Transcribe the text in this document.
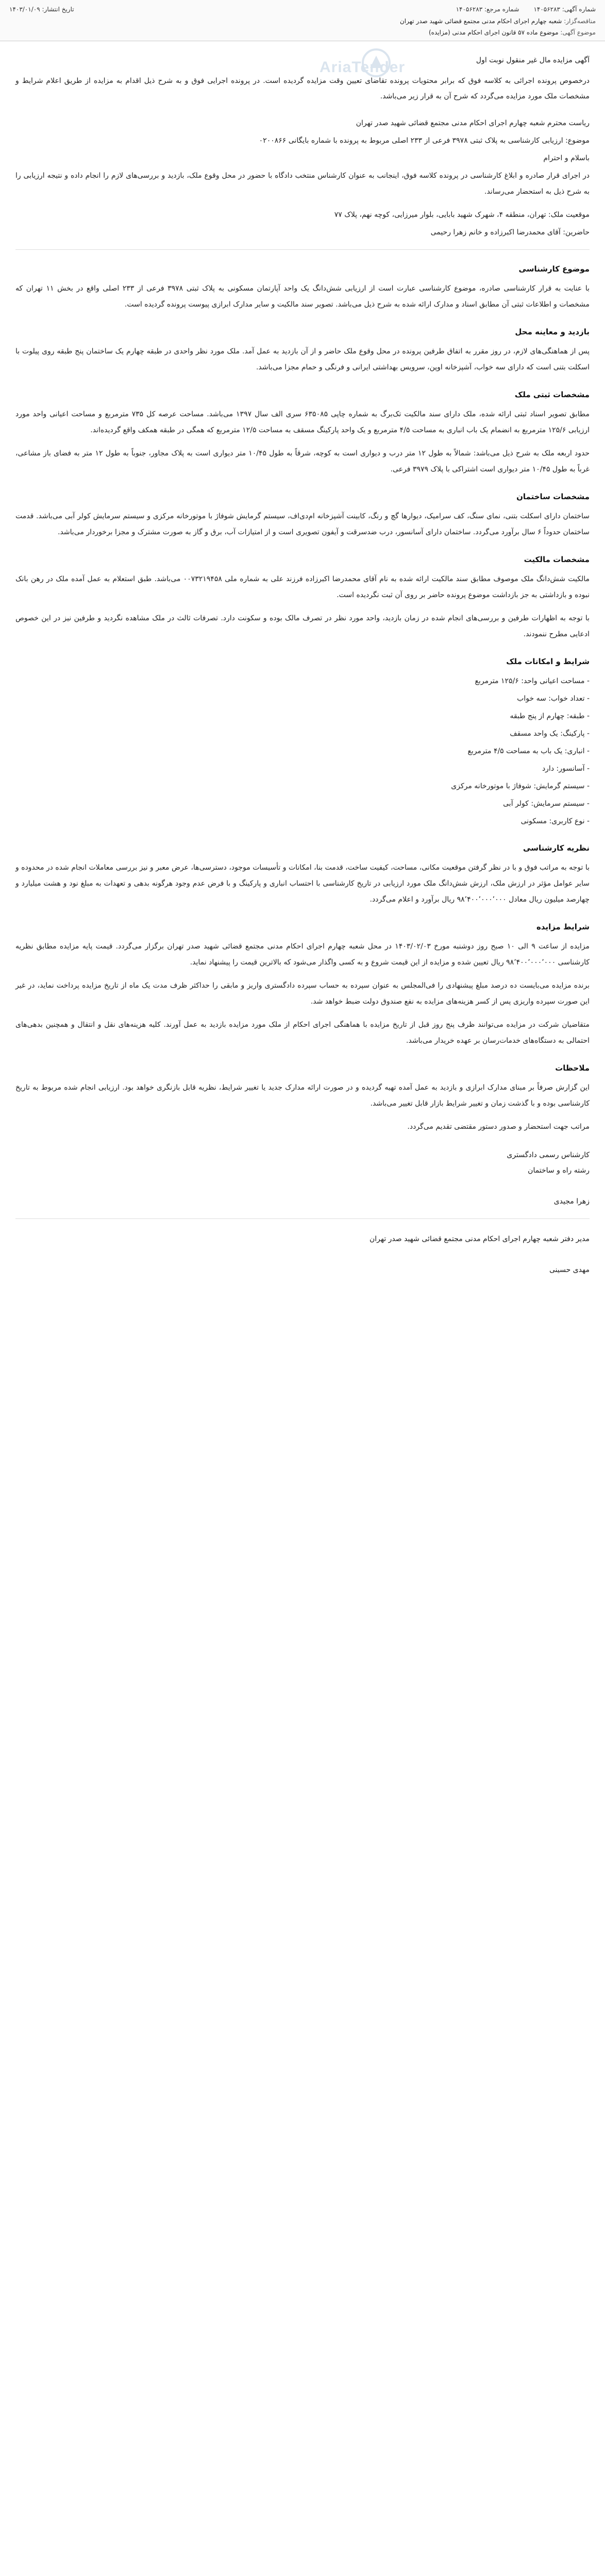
شماره آگهی: ۱۴۰۵۶۲۸۳
شماره مرجع: ۱۴۰۵۶۲۸۳
تاریخ انتشار: ۱۴۰۳/۰۱/۰۹
مناقصه‌گزار: شعبه چهارم اجرای احکام مدنی مجتمع قضائی شهید صدر تهران
موضوع آگهی: موضوع ماده ۵۷ قانون اجرای احکام مدنی (مزایده)
AriaTender	آگهی مزایده مال غیر منقول نوبت اول
درخصوص پرونده اجرائی به کلاسه فوق که برابر محتویات پرونده تقاضای تعیین وقت مزایده گردیده است. در پرونده اجرایی فوق و به شرح ذیل اقدام به مزایده از طریق اعلام شرایط و مشخصات ملک مورد مزایده می‌گردد که شرح آن به قرار زیر می‌باشد.
ریاست محترم شعبه چهارم اجرای احکام مدنی مجتمع قضائی شهید صدر تهران
موضوع: ارزیابی کارشناسی به پلاک ثبتی ۳۹۷۸ فرعی از ۲۳۳ اصلی مربوط به پرونده با شماره بایگانی ۰۲۰۰۸۶۶
باسلام و احترام
در اجرای قرار صادره و ابلاغ کارشناسی در پرونده کلاسه فوق، اینجانب به عنوان کارشناس منتخب دادگاه با حضور در محل وقوع ملک، بازدید و بررسی‌های لازم را انجام داده و نتیجه ارزیابی را به شرح ذیل به استحضار می‌رساند.
موقعیت ملک: تهران، منطقه ۴، شهرک شهید بابایی، بلوار میرزایی، کوچه نهم، پلاک ۷۷
حاضرین: آقای محمدرضا اکبرزاده و خانم زهرا رحیمی
موضوع کارشناسی
با عنایت به قرار کارشناسی صادره، موضوع کارشناسی عبارت است از ارزیابی شش‌دانگ یک واحد آپارتمان مسکونی به پلاک ثبتی ۳۹۷۸ فرعی از ۲۳۳ اصلی واقع در بخش ۱۱ تهران که مشخصات و اطلاعات ثبتی آن مطابق اسناد و مدارک ارائه شده به شرح ذیل می‌باشد. تصویر سند مالکیت و سایر مدارک ابرازی پیوست پرونده گردیده است.
بازدید و معاینه محل
پس از هماهنگی‌های لازم، در روز مقرر به اتفاق طرفین پرونده در محل وقوع ملک حاضر و از آن بازدید به عمل آمد. ملک مورد نظر واحدی در طبقه چهارم یک ساختمان پنج طبقه روی پیلوت با اسکلت بتنی است که دارای سه خواب، آشپزخانه اوپن، سرویس بهداشتی ایرانی و فرنگی و حمام مجزا می‌باشد.
مشخصات ثبتی ملک
مطابق تصویر اسناد ثبتی ارائه شده، ملک دارای سند مالکیت تک‌برگ به شماره چاپی ۶۳۵۰۸۵ سری الف سال ۱۳۹۷ می‌باشد. مساحت عرصه کل ۷۳۵ مترمربع و مساحت اعیانی واحد مورد ارزیابی ۱۲۵/۶ مترمربع به انضمام یک باب انباری به مساحت ۴/۵ مترمربع و یک واحد پارکینگ مسقف به مساحت ۱۲/۵ مترمربع که همگی در طبقه همکف واقع گردیده‌اند.
حدود اربعه ملک به شرح ذیل می‌باشد: شمالاً به طول ۱۲ متر درب و دیواری است به کوچه، شرقاً به طول ۱۰/۴۵ متر دیواری است به پلاک مجاور، جنوباً به طول ۱۲ متر به فضای باز مشاعی، غرباً به طول ۱۰/۴۵ متر دیواری است اشتراکی با پلاک ۳۹۷۹ فرعی.
مشخصات ساختمان
ساختمان دارای اسکلت بتنی، نمای سنگ، کف سرامیک، دیوارها گچ و رنگ، کابینت آشپزخانه ام‌دی‌اف، سیستم گرمایش شوفاژ با موتورخانه مرکزی و سیستم سرمایش کولر آبی می‌باشد. قدمت ساختمان حدوداً ۶ سال برآورد می‌گردد. ساختمان دارای آسانسور، درب ضدسرقت و آیفون تصویری است و از امتیازات آب، برق و گاز به صورت مشترک و مجزا برخوردار می‌باشد.
مشخصات مالکیت
مالکیت شش‌دانگ ملک موصوف مطابق سند مالکیت ارائه شده به نام آقای محمدرضا اکبرزاده فرزند علی به شماره ملی ۰۰۷۳۲۱۹۴۵۸ می‌باشد. طبق استعلام به عمل آمده ملک در رهن بانک نبوده و بازداشتی به جز بازداشت موضوع پرونده حاضر بر روی آن ثبت نگردیده است.
با توجه به اظهارات طرفین و بررسی‌های انجام شده در زمان بازدید، واحد مورد نظر در تصرف مالک بوده و سکونت دارد. تصرفات ثالث در ملک مشاهده نگردید و طرفین نیز در این خصوص ادعایی مطرح ننمودند.
شرایط و امکانات ملک
- مساحت اعیانی واحد: ۱۲۵/۶ مترمربع
- تعداد خواب: سه خواب
- طبقه: چهارم از پنج طبقه
- پارکینگ: یک واحد مسقف
- انباری: یک باب به مساحت ۴/۵ مترمربع
- آسانسور: دارد
- سیستم گرمایش: شوفاژ با موتورخانه مرکزی
- سیستم سرمایش: کولر آبی
- نوع کاربری: مسکونی
نظریه کارشناسی
با توجه به مراتب فوق و با در نظر گرفتن موقعیت مکانی، مساحت، کیفیت ساخت، قدمت بنا، امکانات و تأسیسات موجود، دسترسی‌ها، عرض معبر و نیز بررسی معاملات انجام شده در محدوده و سایر عوامل مؤثر در ارزش ملک، ارزش شش‌دانگ ملک مورد ارزیابی در تاریخ کارشناسی با احتساب انباری و پارکینگ و با فرض عدم وجود هرگونه بدهی و تعهدات به مبلغ نود و هشت میلیارد و چهارصد میلیون ریال معادل ۹۸٬۴۰۰٬۰۰۰٬۰۰۰ ریال برآورد و اعلام می‌گردد.
شرایط مزایده
مزایده از ساعت ۹ الی ۱۰ صبح روز دوشنبه مورخ ۱۴۰۳/۰۲/۰۳ در محل شعبه چهارم اجرای احکام مدنی مجتمع قضائی شهید صدر تهران برگزار می‌گردد. قیمت پایه مزایده مطابق نظریه کارشناسی ۹۸٬۴۰۰٬۰۰۰٬۰۰۰ ریال تعیین شده و مزایده از این قیمت شروع و به کسی واگذار می‌شود که بالاترین قیمت را پیشنهاد نماید.
برنده مزایده می‌بایست ده درصد مبلغ پیشنهادی را فی‌المجلس به عنوان سپرده به حساب سپرده دادگستری واریز و مابقی را حداکثر ظرف مدت یک ماه از تاریخ مزایده پرداخت نماید، در غیر این صورت سپرده واریزی پس از کسر هزینه‌های مزایده به نفع صندوق دولت ضبط خواهد شد.
متقاضیان شرکت در مزایده می‌توانند ظرف پنج روز قبل از تاریخ مزایده با هماهنگی اجرای احکام از ملک مورد مزایده بازدید به عمل آورند. کلیه هزینه‌های نقل و انتقال و همچنین بدهی‌های احتمالی به دستگاه‌های خدمات‌رسان بر عهده خریدار می‌باشد.
ملاحظات
این گزارش صرفاً بر مبنای مدارک ابرازی و بازدید به عمل آمده تهیه گردیده و در صورت ارائه مدارک جدید یا تغییر شرایط، نظریه قابل بازنگری خواهد بود. ارزیابی انجام شده مربوط به تاریخ کارشناسی بوده و با گذشت زمان و تغییر شرایط بازار قابل تغییر می‌باشد.
مراتب جهت استحضار و صدور دستور مقتضی تقدیم می‌گردد.
کارشناس رسمی دادگستری
رشته راه و ساختمان
زهرا مجیدی
مدیر دفتر شعبه چهارم اجرای احکام مدنی مجتمع قضائی شهید صدر تهران
مهدی حسینی
